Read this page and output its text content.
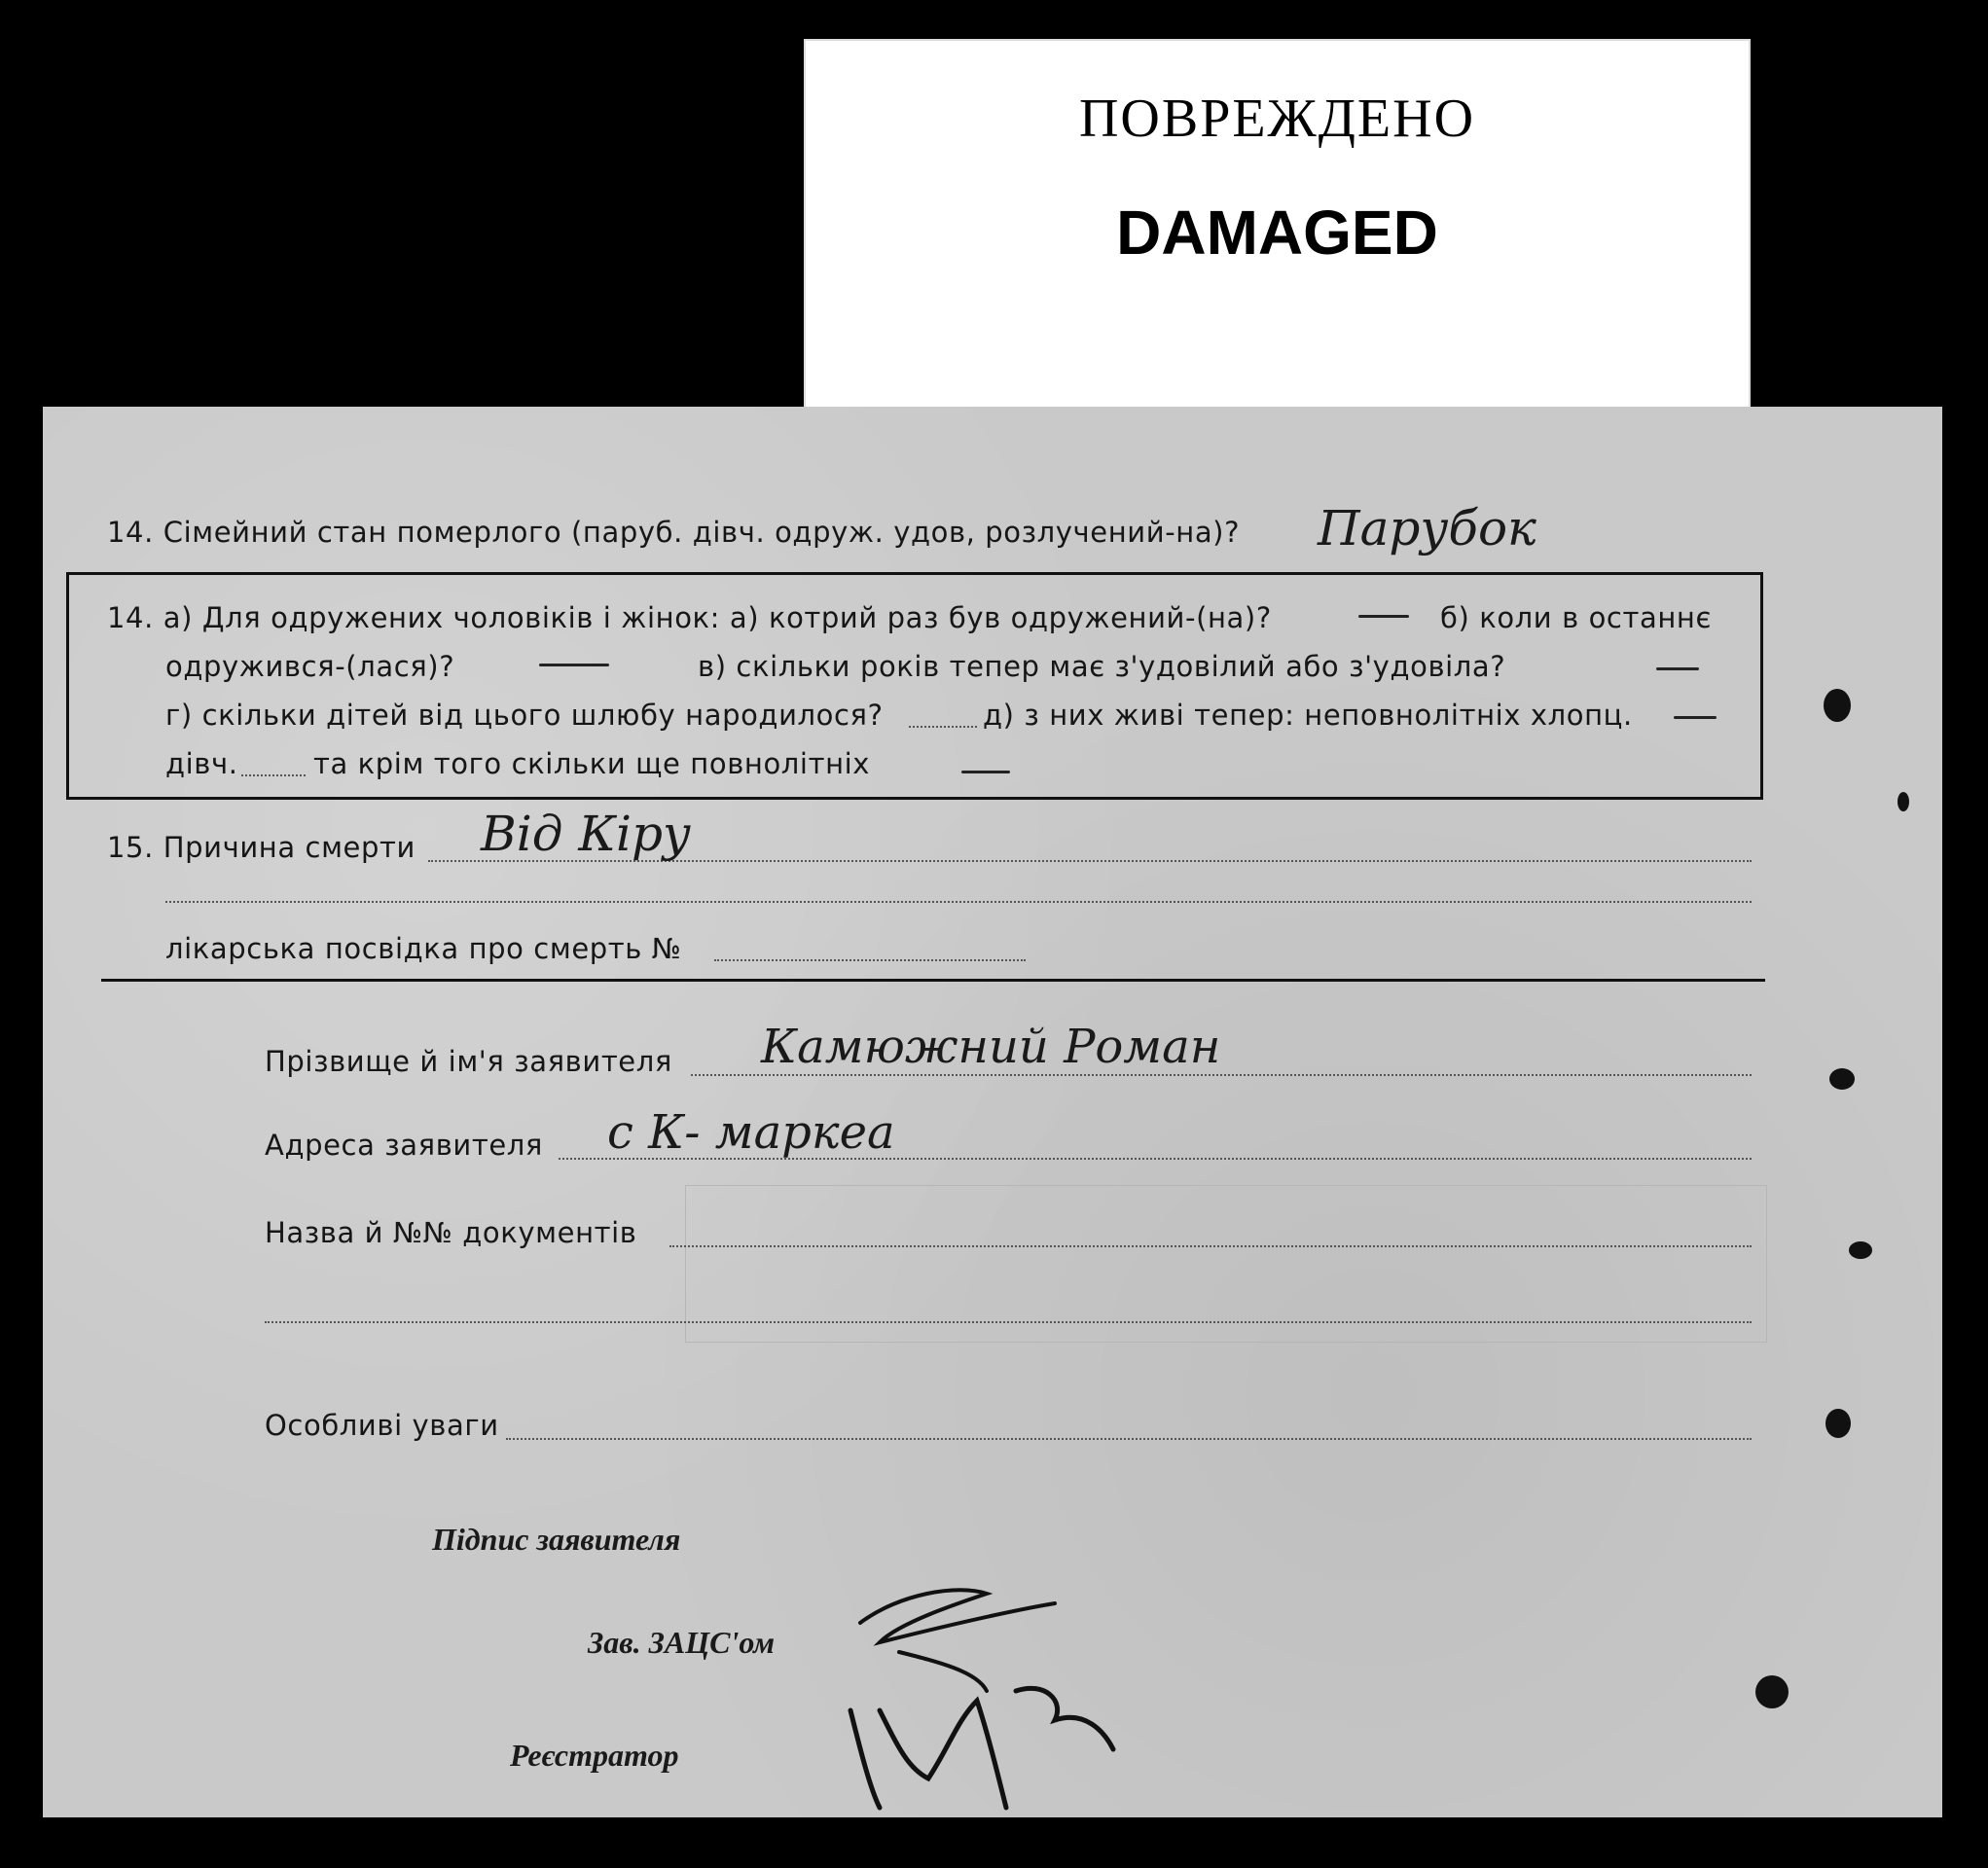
ПОВРЕЖДЕНО
DAMAGED
14. Сімейний стан померлого (паруб. дівч. одруж. удов, розлучений-на)? Парубок
14. а) Для одружених чоловіків і жінок: а) котрий раз був одружений-(на)?	б) коли в останнє
одружився-(лася)?	в) скільки років тепер має з'удовілий або з'удовіла?
г) скільки дітей від цього шлюбу народилося?	д) з них живі тепер: неповнолітніх хлопц.
дівч.	та крім того скільки ще повнолітніх
15. Причина смерти Від Кіру
лікарська посвідка про смерть №
Прізвище й ім'я заявителя Камюжний Роман
Адреса заявителя с К- маркеа
Назва й №№ документів
Особливі уваги
Підпис заявителя
Зав. ЗАЦС'ом
Реєстратор
